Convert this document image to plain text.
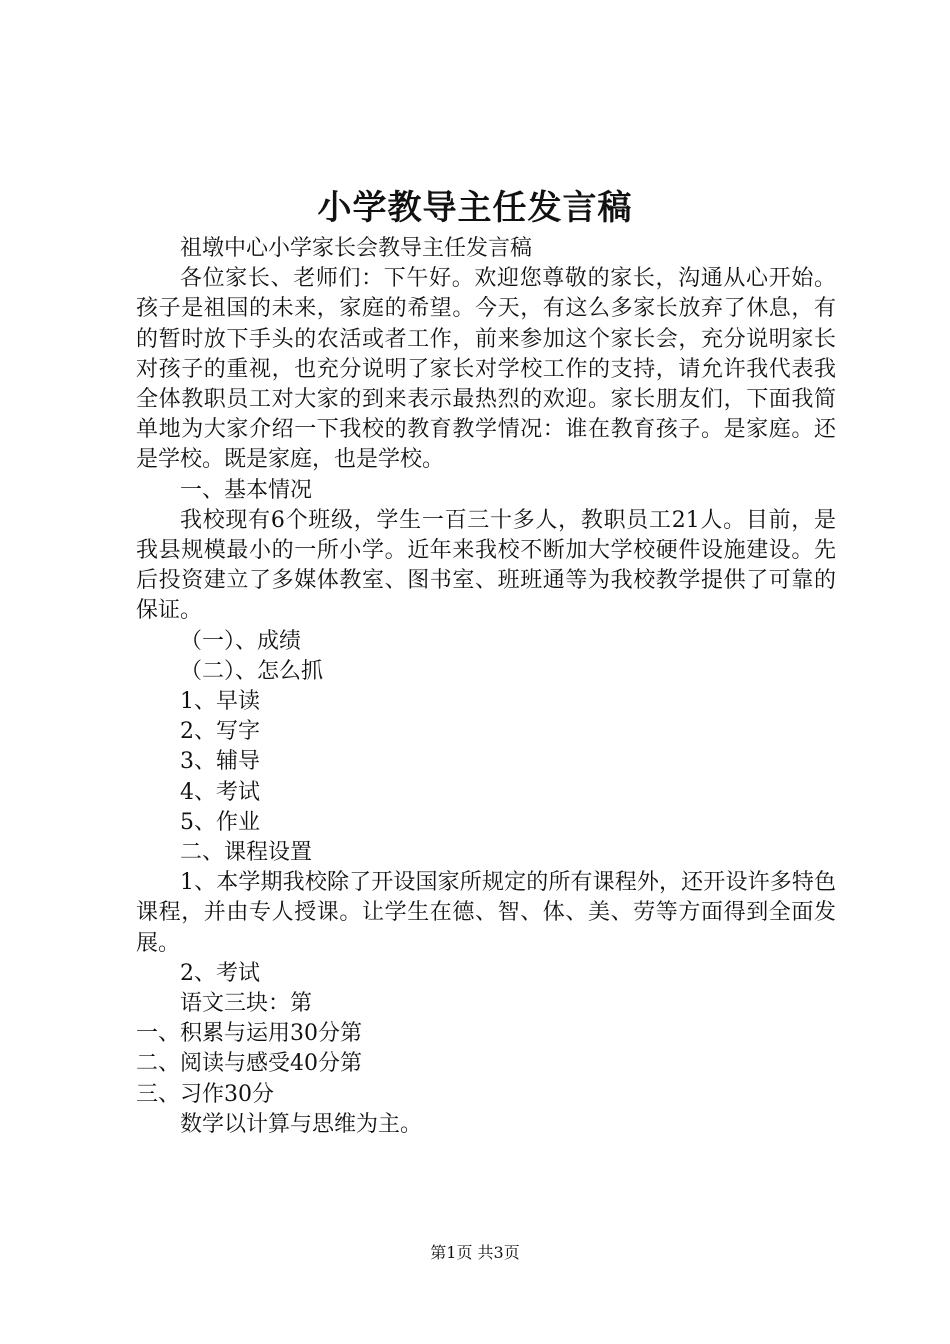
小学教导主任发言稿

祖墩中心小学家长会教导主任发言稿

各位家长、老师们：下午好。欢迎您尊敬的家长，沟通从心开始。孩子是祖国的未来，家庭的希望。今天，有这么多家长放弃了休息，有的暂时放下手头的农活或者工作，前来参加这个家长会，充分说明家长对孩子的重视，也充分说明了家长对学校工作的支持，请允许我代表我全体教职员工对大家的到来表示最热烈的欢迎。家长朋友们，下面我简单地为大家介绍一下我校的教育教学情况：谁在教育孩子。是家庭。还是学校。既是家庭，也是学校。

一、基本情况

我校现有6个班级，学生一百三十多人，教职员工21人。目前，是我县规模最小的一所小学。近年来我校不断加大学校硬件设施建设。先后投资建立了多媒体教室、图书室、班班通等为我校教学提供了可靠的保证。

（一）、成绩

（二）、怎么抓

1、早读

2、写字

3、辅导

4、考试

5、作业

二、课程设置

1、本学期我校除了开设国家所规定的所有课程外，还开设许多特色课程，并由专人授课。让学生在德、智、体、美、劳等方面得到全面发展。

2、考试

语文三块：第

一、积累与运用30分第

二、阅读与感受40分第

三、习作30分

数学以计算与思维为主。

第1页 共3页
